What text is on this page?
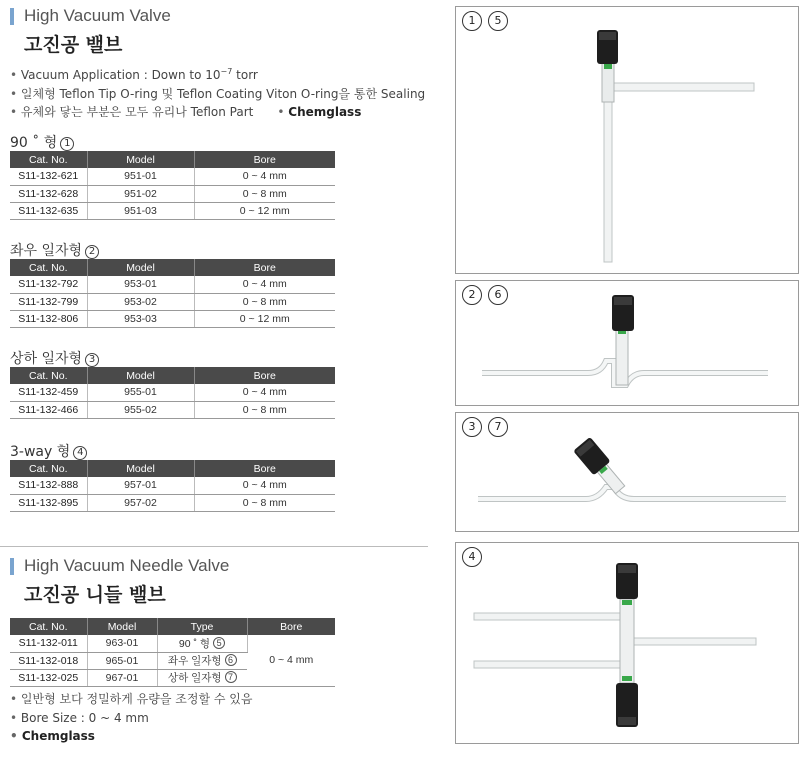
High Vacuum Valve
고진공 밸브
• Vacuum Application : Down to $10^{-7}$ torr
• 일체형 Teflon Tip O-ring 및 Teflon Coating Viton O-ring을 통한 Sealing
• 유체와 닿는 부분은 모두 유리나 Teflon Part • Chemglass
90 ˚ 형 1
Cat. No.	Model	Bore
S11-132-621	951-01	0 ~ 4 mm
S11-132-628	951-02	0 ~ 8 mm
S11-132-635	951-03	0 ~ 12 mm
좌우 일자형 2
Cat. No.	Model	Bore
S11-132-792	953-01	0 ~ 4 mm
S11-132-799	953-02	0 ~ 8 mm
S11-132-806	953-03	0 ~ 12 mm
상하 일자형 3
Cat. No.	Model	Bore
S11-132-459	955-01	0 ~ 4 mm
S11-132-466	955-02	0 ~ 8 mm
3-way 형 4
Cat. No.	Model	Bore
S11-132-888	957-01	0 ~ 4 mm
S11-132-895	957-02	0 ~ 8 mm
High Vacuum Needle Valve
고진공 니들 밸브
Cat. No.	Model	Type	Bore
S11-132-011	963-01	90 ˚ 형 5	0 ~ 4 mm
S11-132-018	965-01	좌우 일자형 6	
S11-132-025	967-01	상하 일자형 7	
• 일반형 보다 정밀하게 유량을 조정할 수 있음
• Bore Size : 0 ~ 4 mm
• Chemglass
1	5
2	6
3	7
4
